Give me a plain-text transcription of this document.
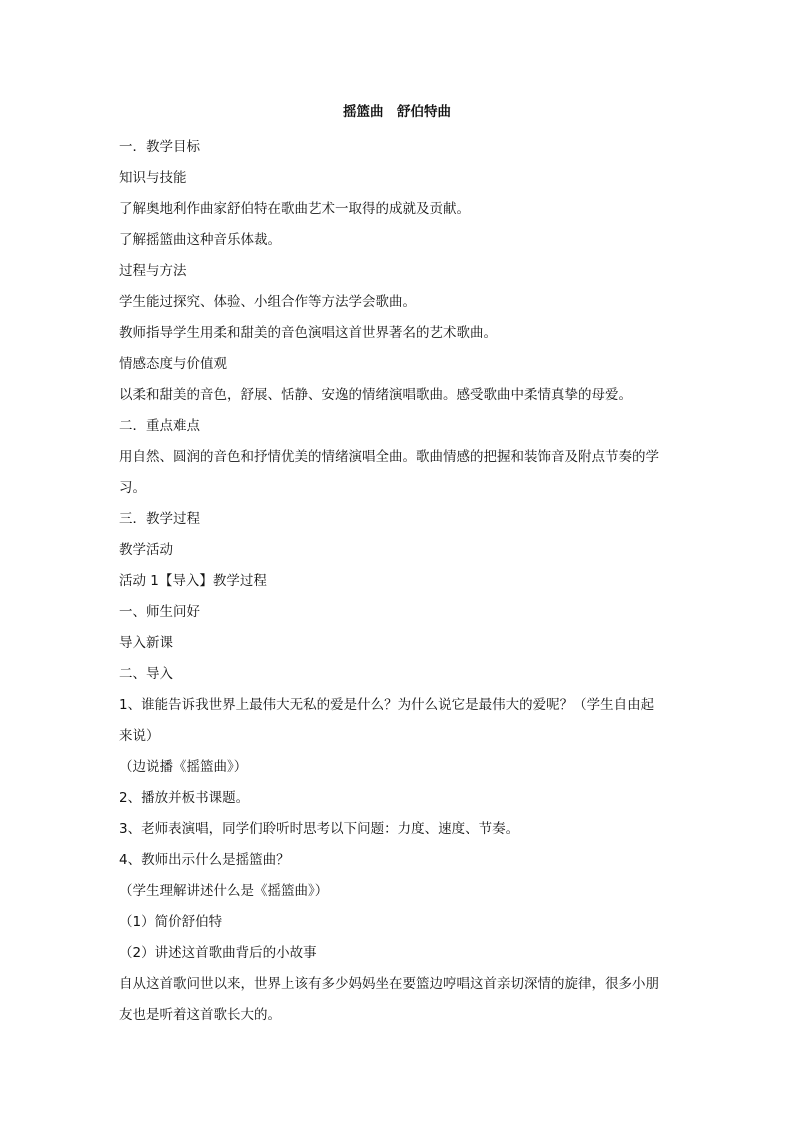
摇篮曲　舒伯特曲
一．教学目标
知识与技能
了解奥地利作曲家舒伯特在歌曲艺术一取得的成就及贡献。
了解摇篮曲这种音乐体裁。
过程与方法
学生能过探究、体验、小组合作等方法学会歌曲。
教师指导学生用柔和甜美的音色演唱这首世界著名的艺术歌曲。
情感态度与价值观
以柔和甜美的音色，舒展、恬静、安逸的情绪演唱歌曲。感受歌曲中柔情真挚的母爱。
二．重点难点
用自然、圆润的音色和抒情优美的情绪演唱全曲。歌曲情感的把握和装饰音及附点节奏的学
习。
三．教学过程
教学活动
活动 1【导入】教学过程
一、师生问好
导入新课
二、导入
1、谁能告诉我世界上最伟大无私的爱是什么？为什么说它是最伟大的爱呢？（学生自由起
来说）
（边说播《摇篮曲》）
2、播放并板书课题。
3、老师表演唱，同学们聆听时思考以下问题：力度、速度、节奏。
4、教师出示什么是摇篮曲？
（学生理解讲述什么是《摇篮曲》）
（1）简价舒伯特
（2）讲述这首歌曲背后的小故事
自从这首歌问世以来，世界上该有多少妈妈坐在要篮边哼唱这首亲切深情的旋律，很多小朋
友也是听着这首歌长大的。
